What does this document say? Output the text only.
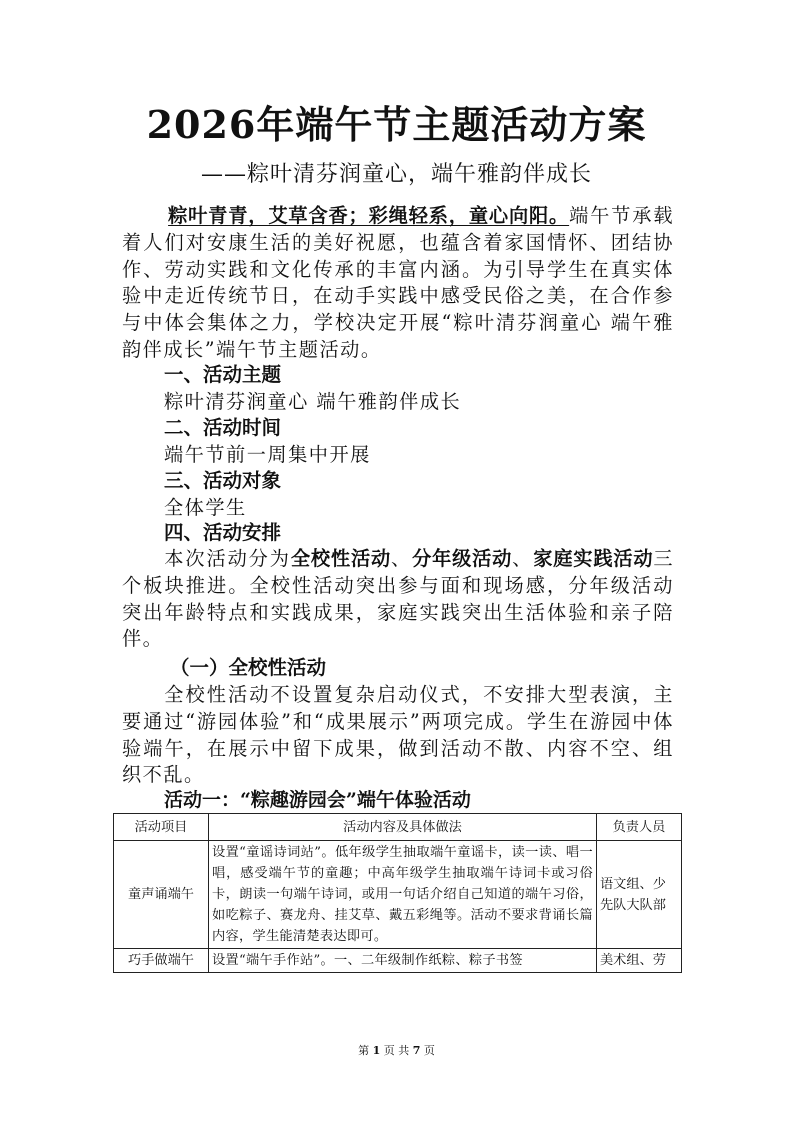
2026年端午节主题活动方案
——粽叶清芬润童心，端午雅韵伴成长
粽叶青青，艾草含香；彩绳轻系，童心向阳。端午节承载着人们对安康生活的美好祝愿，也蕴含着家国情怀、团结协作、劳动实践和文化传承的丰富内涵。为引导学生在真实体验中走近传统节日，在动手实践中感受民俗之美，在合作参与中体会集体之力，学校决定开展“粽叶清芬润童心 端午雅韵伴成长”端午节主题活动。
一、活动主题
粽叶清芬润童心 端午雅韵伴成长
二、活动时间
端午节前一周集中开展
三、活动对象
全体学生
四、活动安排
本次活动分为全校性活动、分年级活动、家庭实践活动三个板块推进。全校性活动突出参与面和现场感，分年级活动突出年龄特点和实践成果，家庭实践突出生活体验和亲子陪伴。
（一）全校性活动
全校性活动不设置复杂启动仪式，不安排大型表演，主要通过“游园体验”和“成果展示”两项完成。学生在游园中体验端午，在展示中留下成果，做到活动不散、内容不空、组织不乱。
活动一：“粽趣游园会”端午体验活动
活动项目	活动内容及具体做法	负责人员
童声诵端午	设置“童谣诗词站”。低年级学生抽取端午童谣卡，读一读、唱一唱，感受端午节的童趣；中高年级学生抽取端午诗词卡或习俗卡，朗读一句端午诗词，或用一句话介绍自己知道的端午习俗，如吃粽子、赛龙舟、挂艾草、戴五彩绳等。活动不要求背诵长篇内容，学生能清楚表达即可。	语文组、少先队大队部
巧手做端午	设置“端午手作站”。一、二年级制作纸粽、粽子书签	美术组、劳
第 1 页 共 7 页
